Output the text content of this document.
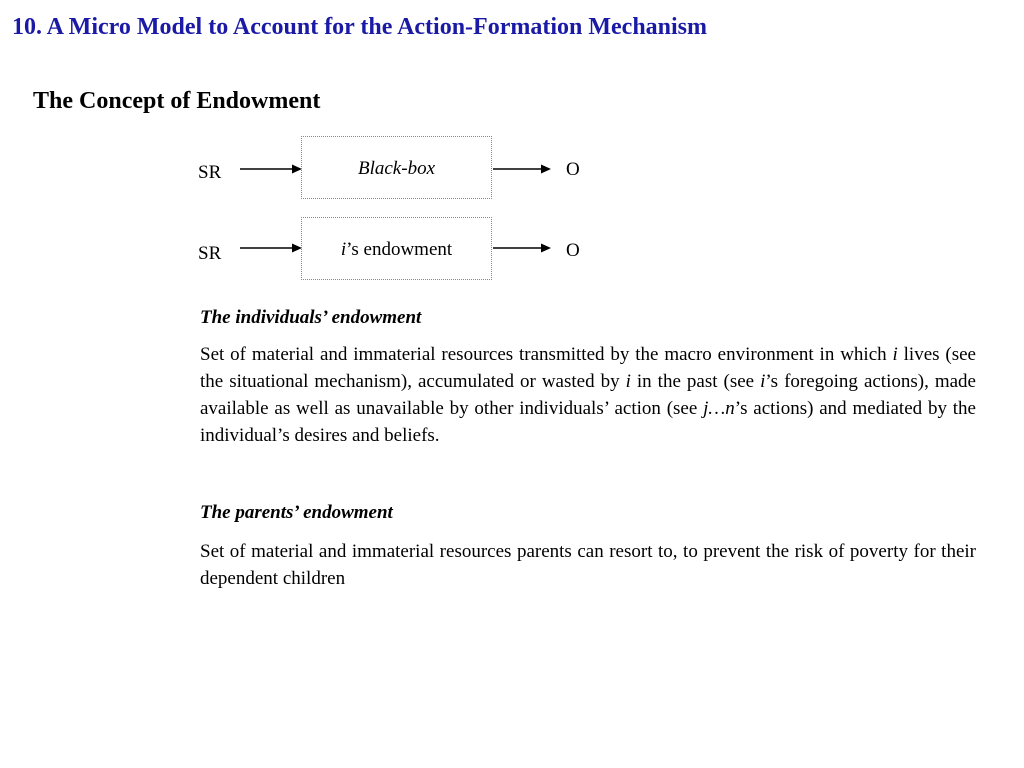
10. A Micro Model to Account for the Action-Formation Mechanism
The Concept of Endowment
SR	Black-box	O
SR	i’s endowment	O
The individuals’ endowment

Set of material and immaterial resources transmitted by the macro environment in which i lives (see the situational mechanism), accumulated or wasted by i in the past (see i’s foregoing actions), made available as well as unavailable by other individuals’ action (see j…n’s actions) and mediated by the individual’s desires and beliefs.

The parents’ endowment

Set of material and immaterial resources parents can resort to, to prevent the risk of poverty for their dependent children
